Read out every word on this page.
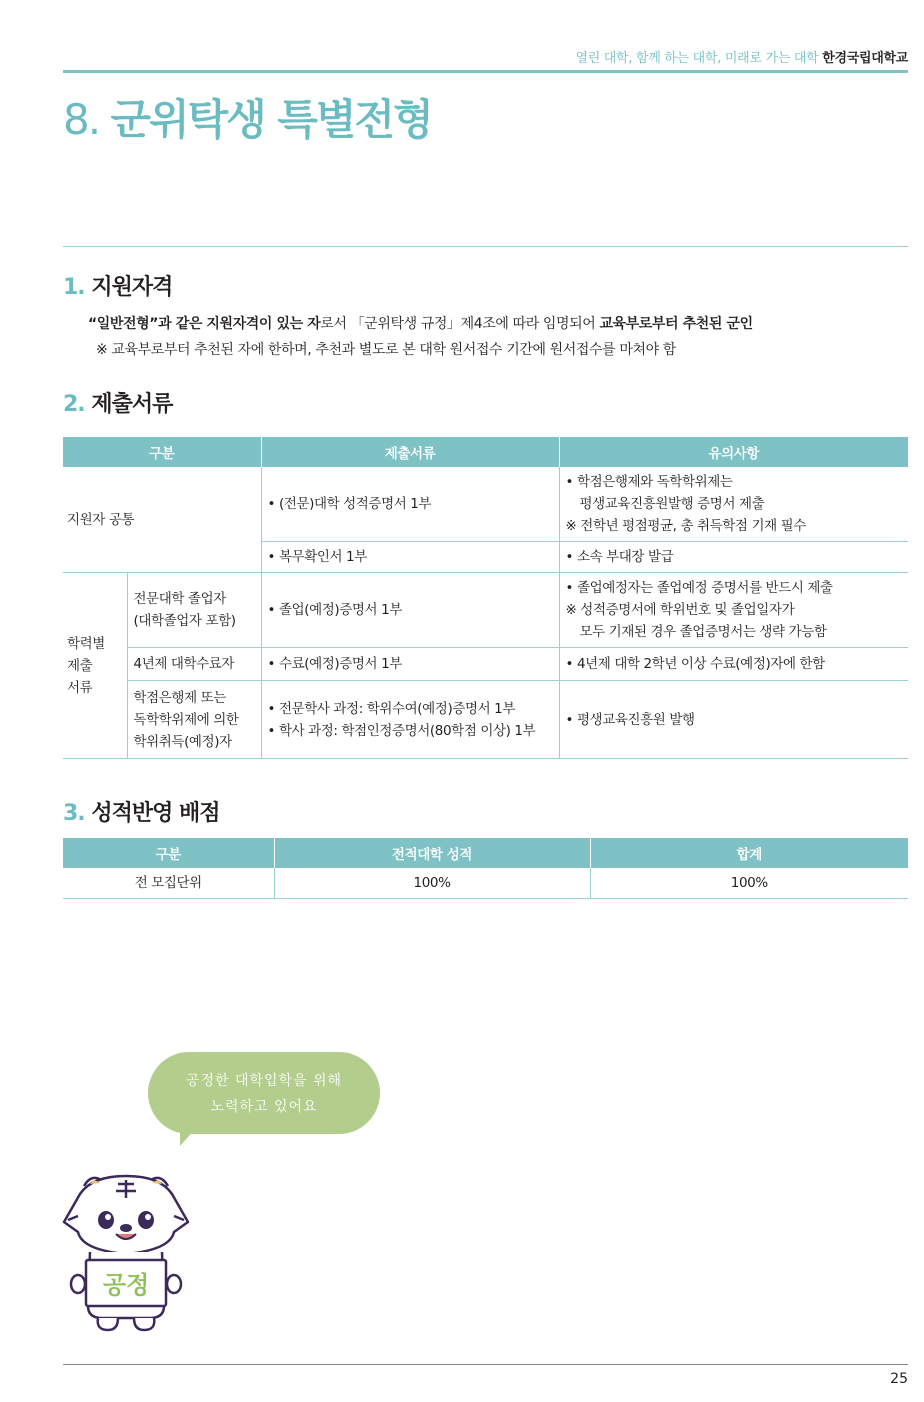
열린 대학, 함께 하는 대학, 미래로 가는 대학 한경국립대학교
8. 군위탁생 특별전형
1. 지원자격
“일반전형”과 같은 지원자격이 있는 자로서 「군위탁생 규정」제4조에 따라 임명되어 교육부로부터 추천된 군인
※ 교육부로부터 추천된 자에 한하며, 추천과 별도로 본 대학 원서접수 기간에 원서접수를 마쳐야 함
2. 제출서류
구분		제출서류	유의사항
지원자 공통		• (전문)대학 성적증명서 1부	• 학점은행제와 독학학위제는
평생교육진흥원발행 증명서 제출
※ 전학년 평점평균, 총 취득학점 기재 필수

		• 복무확인서 1부	• 소속 부대장 발급

학력별
제출
서류	전문대학 졸업자
(대학졸업자 포함)	• 졸업(예정)증명서 1부	• 졸업예정자는 졸업예정 증명서를 반드시 제출
※ 성적증명서에 학위번호 및 졸업일자가
모두 기재된 경우 졸업증명서는 생략 가능함

	4년제 대학수료자	• 수료(예정)증명서 1부	• 4년제 대학 2학년 이상 수료(예정)자에 한함

	학점은행제 또는
독학학위제에 의한
학위취득(예정)자	• 전문학사 과정: 학위수여(예정)증명서 1부
• 학사 과정: 학점인정증명서(80학점 이상) 1부	• 평생교육진흥원 발행
3. 성적반영 배점
구분	전적대학 성적	합계
전 모집단위	100%	100%
공정한 대학입학을 위해
노력하고 있어요
공정
25
